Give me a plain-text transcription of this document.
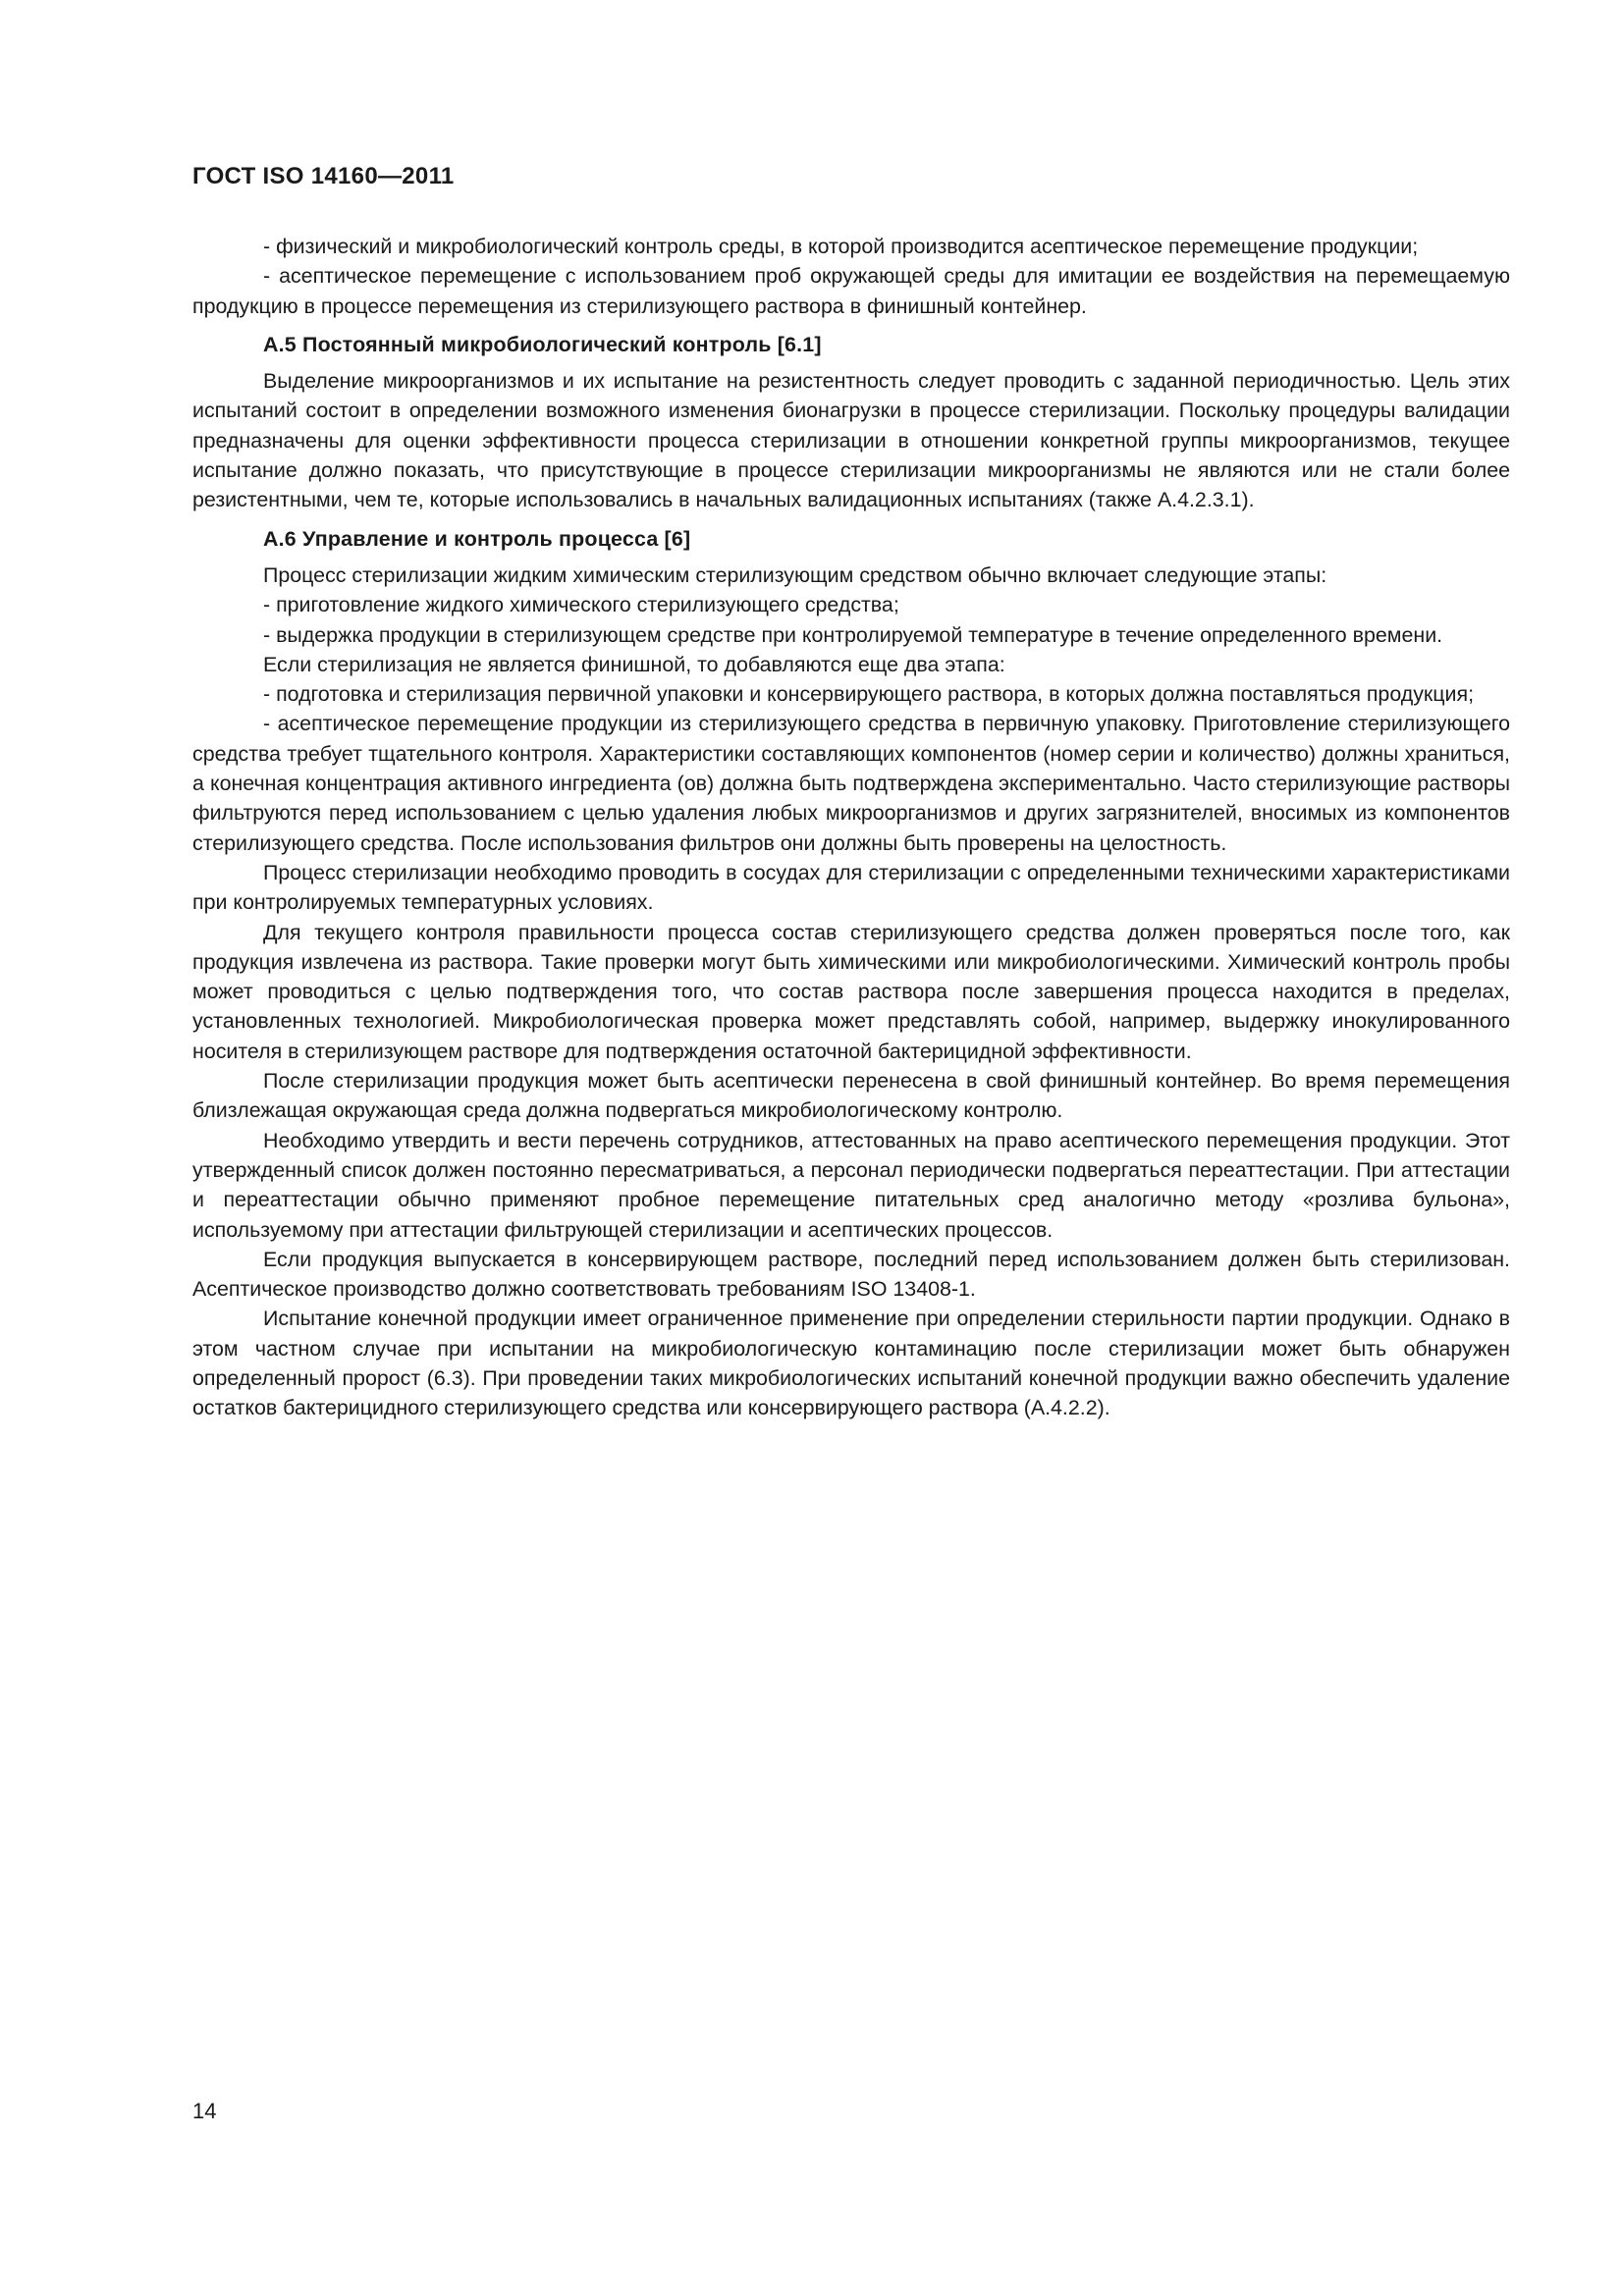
ГОСТ ISO 14160—2011

- физический и микробиологический контроль среды, в которой производится асептическое перемещение продукции;

- асептическое перемещение с использованием проб окружающей среды для имитации ее воздействия на перемещаемую продукцию в процессе перемещения из стерилизующего раствора в финишный контейнер.

А.5 Постоянный микробиологический контроль [6.1]

Выделение микроорганизмов и их испытание на резистентность следует проводить с заданной периодичностью. Цель этих испытаний состоит в определении возможного изменения бионагрузки в процессе стерилизации. Поскольку процедуры валидации предназначены для оценки эффективности процесса стерилизации в отношении конкретной группы микроорганизмов, текущее испытание должно показать, что присутствующие в процессе стерилизации микроорганизмы не являются или не стали более резистентными, чем те, которые использовались в начальных валидационных испытаниях (также А.4.2.3.1).

А.6 Управление и контроль процесса [6]

Процесс стерилизации жидким химическим стерилизующим средством обычно включает следующие этапы:

- приготовление жидкого химического стерилизующего средства;

- выдержка продукции в стерилизующем средстве при контролируемой температуре в течение определенного времени.

Если стерилизация не является финишной, то добавляются еще два этапа:

- подготовка и стерилизация первичной упаковки и консервирующего раствора, в которых должна поставляться продукция;

- асептическое перемещение продукции из стерилизующего средства в первичную упаковку. Приготовление стерилизующего средства требует тщательного контроля. Характеристики составляющих компонентов (номер серии и количество) должны храниться, а конечная концентрация активного ингредиента (ов) должна быть подтверждена экспериментально. Часто стерилизующие растворы фильтруются перед использованием с целью удаления любых микроорганизмов и других загрязнителей, вносимых из компонентов стерилизующего средства. После использования фильтров они должны быть проверены на целостность.

Процесс стерилизации необходимо проводить в сосудах для стерилизации с определенными техническими характеристиками при контролируемых температурных условиях.

Для текущего контроля правильности процесса состав стерилизующего средства должен проверяться после того, как продукция извлечена из раствора. Такие проверки могут быть химическими или микробиологическими. Химический контроль пробы может проводиться с целью подтверждения того, что состав раствора после завершения процесса находится в пределах, установленных технологией. Микробиологическая проверка может представлять собой, например, выдержку инокулированного носителя в стерилизующем растворе для подтверждения остаточной бактерицидной эффективности.

После стерилизации продукция может быть асептически перенесена в свой финишный контейнер. Во время перемещения близлежащая окружающая среда должна подвергаться микробиологическому контролю.

Необходимо утвердить и вести перечень сотрудников, аттестованных на право асептического перемещения продукции. Этот утвержденный список должен постоянно пересматриваться, а персонал периодически подвергаться переаттестации. При аттестации и переаттестации обычно применяют пробное перемещение питательных сред аналогично методу «розлива бульона», используемому при аттестации фильтрующей стерилизации и асептических процессов.

Если продукция выпускается в консервирующем растворе, последний перед использованием должен быть стерилизован. Асептическое производство должно соответствовать требованиям ISO 13408-1.

Испытание конечной продукции имеет ограниченное применение при определении стерильности партии продукции. Однако в этом частном случае при испытании на микробиологическую контаминацию после стерилизации может быть обнаружен определенный пророст (6.3). При проведении таких микробиологических испытаний конечной продукции важно обеспечить удаление остатков бактерицидного стерилизующего средства или консервирующего раствора (А.4.2.2).

14
